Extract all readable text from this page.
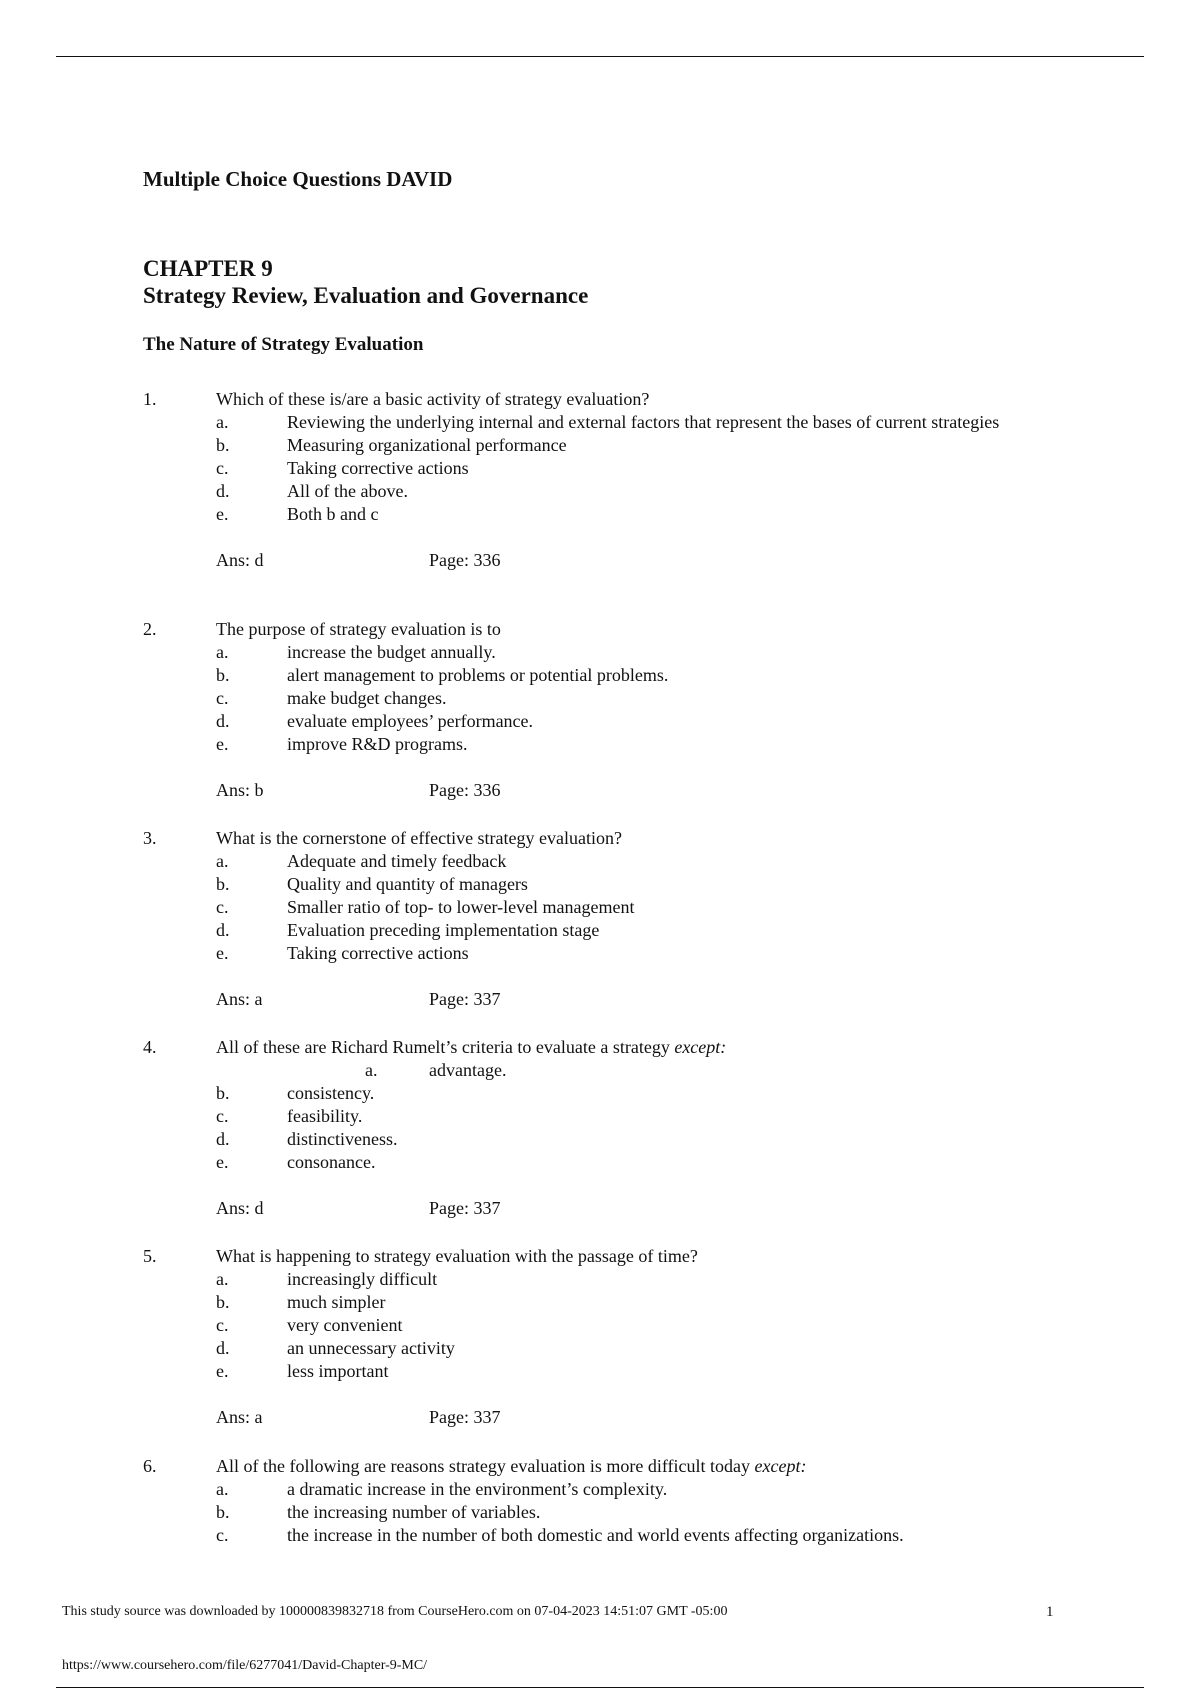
Multiple Choice Questions DAVID
CHAPTER 9
Strategy Review, Evaluation and Governance
The Nature of Strategy Evaluation
1.	Which of these is/are a basic activity of strategy evaluation?
a.	Reviewing the underlying internal and external factors that represent the bases of current strategies
b.	Measuring organizational performance
c.	Taking corrective actions
d.	All of the above.
e.	Both b and c
Ans: d	Page: 336
2.	The purpose of strategy evaluation is to
a.	increase the budget annually.
b.	alert management to problems or potential problems.
c.	make budget changes.
d.	evaluate employees’ performance.
e.	improve R&D programs.
Ans: b	Page: 336
3.	What is the cornerstone of effective strategy evaluation?
a.	Adequate and timely feedback
b.	Quality and quantity of managers
c.	Smaller ratio of top- to lower-level management
d.	Evaluation preceding implementation stage
e.	Taking corrective actions
Ans: a	Page: 337
4.	All of these are Richard Rumelt’s criteria to evaluate a strategy except:
a.	advantage.
b.	consistency.
c.	feasibility.
d.	distinctiveness.
e.	consonance.
Ans: d	Page: 337
5.	What is happening to strategy evaluation with the passage of time?
a.	increasingly difficult
b.	much simpler
c.	very convenient
d.	an unnecessary activity
e.	less important
Ans: a	Page: 337
6.	All of the following are reasons strategy evaluation is more difficult today except:
a.	a dramatic increase in the environment’s complexity.
b.	the increasing number of variables.
c.	the increase in the number of both domestic and world events affecting organizations.
This study source was downloaded by 100000839832718 from CourseHero.com on 07-04-2023 14:51:07 GMT -05:00	1
https://www.coursehero.com/file/6277041/David-Chapter-9-MC/
